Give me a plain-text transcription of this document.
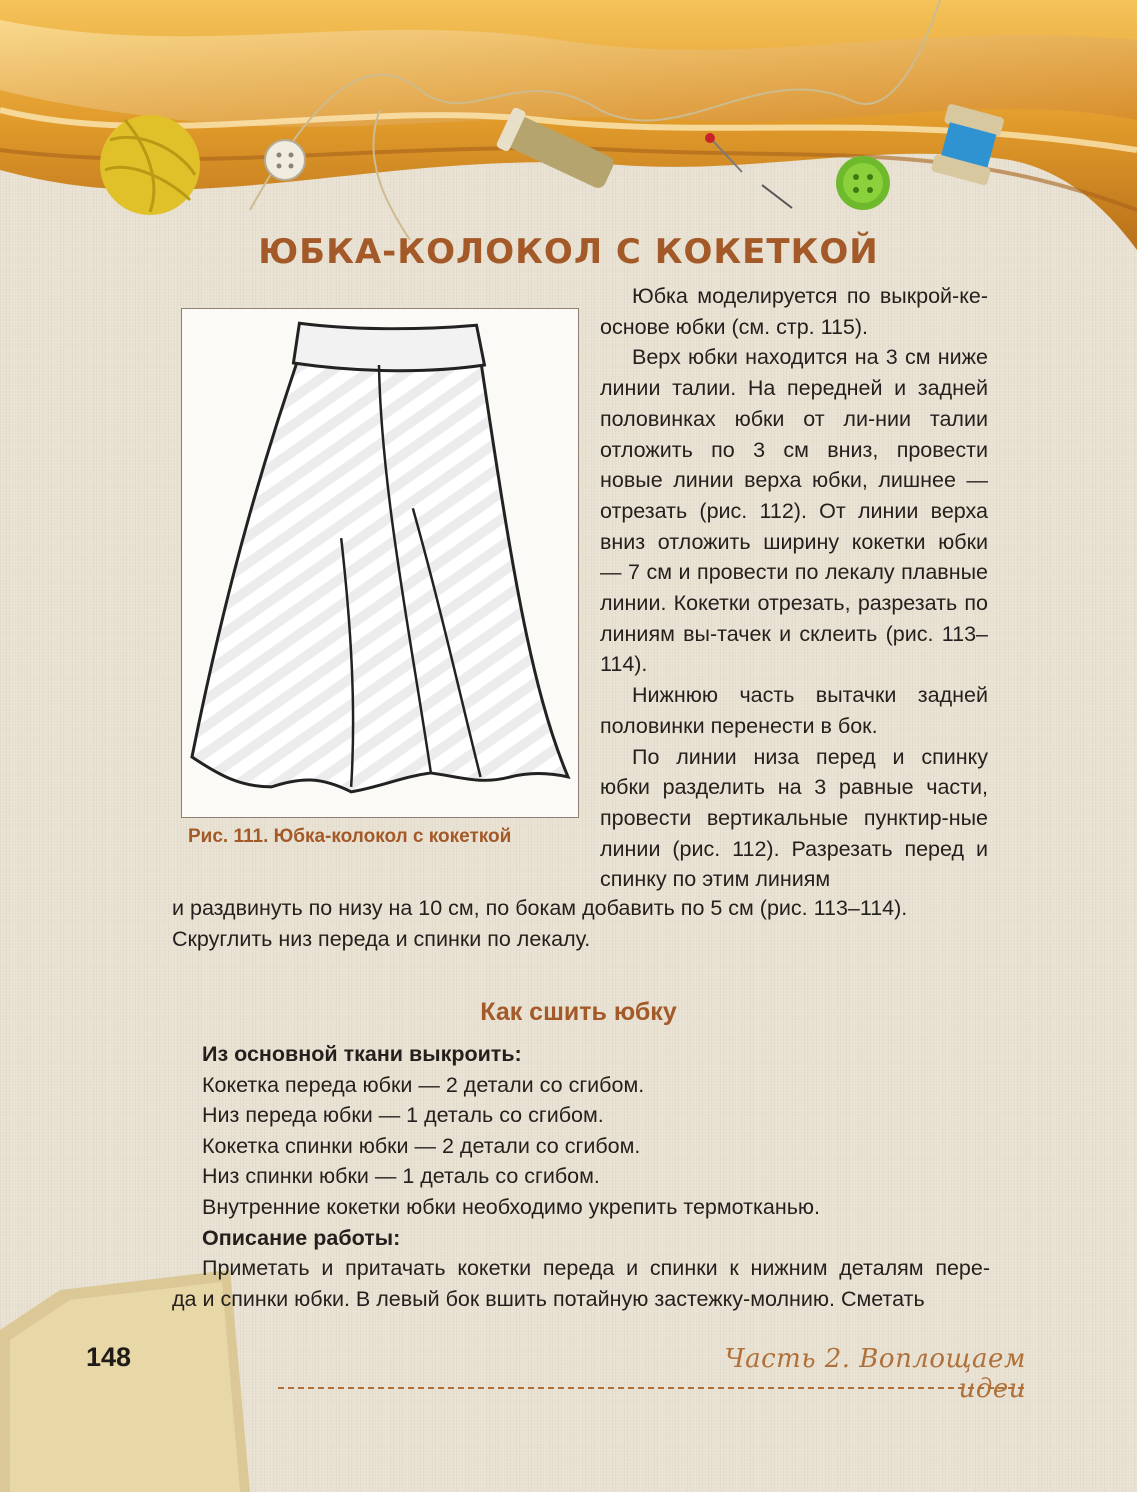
ЮБКА-КОЛОКОЛ С КОКЕТКОЙ
Рис. 111. Юбка-колокол с кокеткой

Юбка моделируется по выкрой-ке-основе юбки (см. стр. 115).

Верх юбки находится на 3 см ниже линии талии. На передней и задней половинках юбки от ли-нии талии отложить по 3 см вниз, провести новые линии верха юбки, лишнее — отрезать (рис. 112). От линии верха вниз отложить ширину кокетки юбки — 7 см и провести по лекалу плавные линии. Кокетки отрезать, разрезать по линиям вы-тачек и склеить (рис. 113–114).

Нижнюю часть вытачки задней половинки перенести в бок.

По линии низа перед и спинку юбки разделить на 3 равные части, провести вертикальные пунктир-ные линии (рис. 112). Разрезать перед и спинку по этим линиям

и раздвинуть по низу на 10 см, по бокам добавить по 5 см (рис. 113–114). Скруглить низ переда и спинки по лекалу.
Как сшить юбку
Из основной ткани выкроить:
Кокетка переда юбки — 2 детали со сгибом.
Низ переда юбки — 1 деталь со сгибом.
Кокетка спинки юбки — 2 детали со сгибом.
Низ спинки юбки — 1 деталь со сгибом.
Внутренние кокетки юбки необходимо укрепить термотканью.
Описание работы:
Приметать и притачать кокетки переда и спинки к нижним деталям пере-
да и спинки юбки. В левый бок вшить потайную застежку-молнию. Сметать
148	Часть 2. Воплощаем идеи
